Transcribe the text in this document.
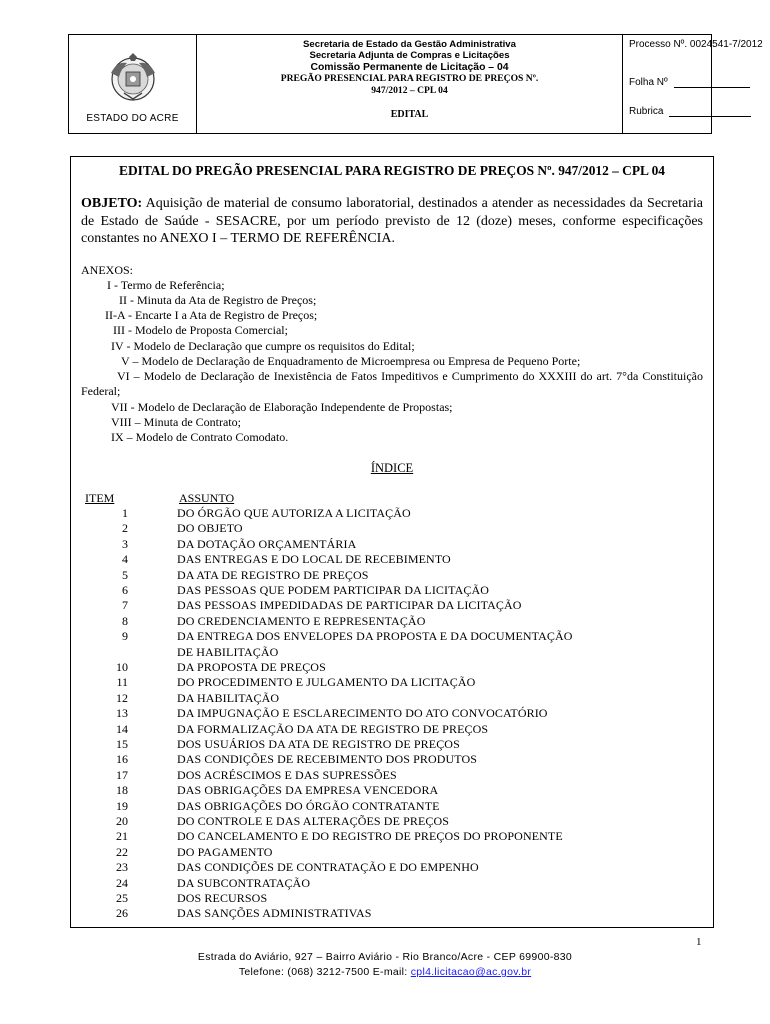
ESTADO DO ACRE
Secretaria de Estado da Gestão Administrativa
Secretaria Adjunta de Compras e Licitações
Comissão Permanente de Licitação – 04
PREGÃO PRESENCIAL PARA REGISTRO DE PREÇOS Nº.
947/2012 – CPL 04
EDITAL
Processo Nº. 0024541-7/2012
Folha Nº
Rubrica
EDITAL DO PREGÃO PRESENCIAL PARA REGISTRO DE PREÇOS Nº. 947/2012 – CPL 04
OBJETO: Aquisição de material de consumo laboratorial, destinados a atender as necessidades da Secretaria de Estado de Saúde - SESACRE, por um período previsto de 12 (doze) meses, conforme especificações constantes no ANEXO I – TERMO DE REFERÊNCIA.
ANEXOS:
I - Termo de Referência;
II - Minuta da Ata de Registro de Preços;
II-A - Encarte I a Ata de Registro de Preços;
III - Modelo de Proposta Comercial;
IV - Modelo de Declaração que cumpre os requisitos do Edital;
V – Modelo de Declaração de Enquadramento de Microempresa ou Empresa de Pequeno Porte;
VI – Modelo de Declaração de Inexistência de Fatos Impeditivos e Cumprimento do XXXIII do art. 7°da Constituição Federal;
VII - Modelo de Declaração de Elaboração Independente de Propostas;
VIII – Minuta de Contrato;
IX – Modelo de Contrato Comodato.
ÍNDICE
ITEM	ASSUNTO
1	DO ÓRGÃO QUE AUTORIZA A LICITAÇÃO
2	DO OBJETO
3	DA DOTAÇÃO ORÇAMENTÁRIA
4	DAS ENTREGAS E DO LOCAL DE RECEBIMENTO
5	DA ATA DE REGISTRO DE PREÇOS
6	DAS PESSOAS QUE PODEM PARTICIPAR DA LICITAÇÃO
7	DAS PESSOAS IMPEDIDADAS DE PARTICIPAR DA LICITAÇÃO
8	DO CREDENCIAMENTO E REPRESENTAÇÃO
9	DA ENTREGA DOS ENVELOPES DA PROPOSTA E DA DOCUMENTAÇÃO
DE HABILITAÇÃO
10	DA PROPOSTA DE PREÇOS
11	DO PROCEDIMENTO E JULGAMENTO DA LICITAÇÃO
12	DA HABILITAÇÃO
13	DA IMPUGNAÇÃO E ESCLARECIMENTO DO ATO CONVOCATÓRIO
14	DA FORMALIZAÇÃO DA ATA DE REGISTRO DE PREÇOS
15	DOS USUÁRIOS DA ATA DE REGISTRO DE PREÇOS
16	DAS CONDIÇÕES DE RECEBIMENTO DOS PRODUTOS
17	DOS ACRÉSCIMOS E DAS SUPRESSÕES
18	DAS OBRIGAÇÕES DA EMPRESA VENCEDORA
19	DAS OBRIGAÇÕES DO ÓRGÃO CONTRATANTE
20	DO CONTROLE E DAS ALTERAÇÕES DE PREÇOS
21	DO CANCELAMENTO E DO REGISTRO DE PREÇOS DO PROPONENTE
22	DO PAGAMENTO
23	DAS CONDIÇÕES DE CONTRATAÇÃO E DO EMPENHO
24	DA SUBCONTRATAÇÃO
25	DOS RECURSOS
26	DAS SANÇÕES ADMINISTRATIVAS
1
Estrada do Aviário, 927 – Bairro Aviário - Rio Branco/Acre - CEP 69900-830
Telefone: (068) 3212-7500 E-mail: cpl4.licitacao@ac.gov.br
